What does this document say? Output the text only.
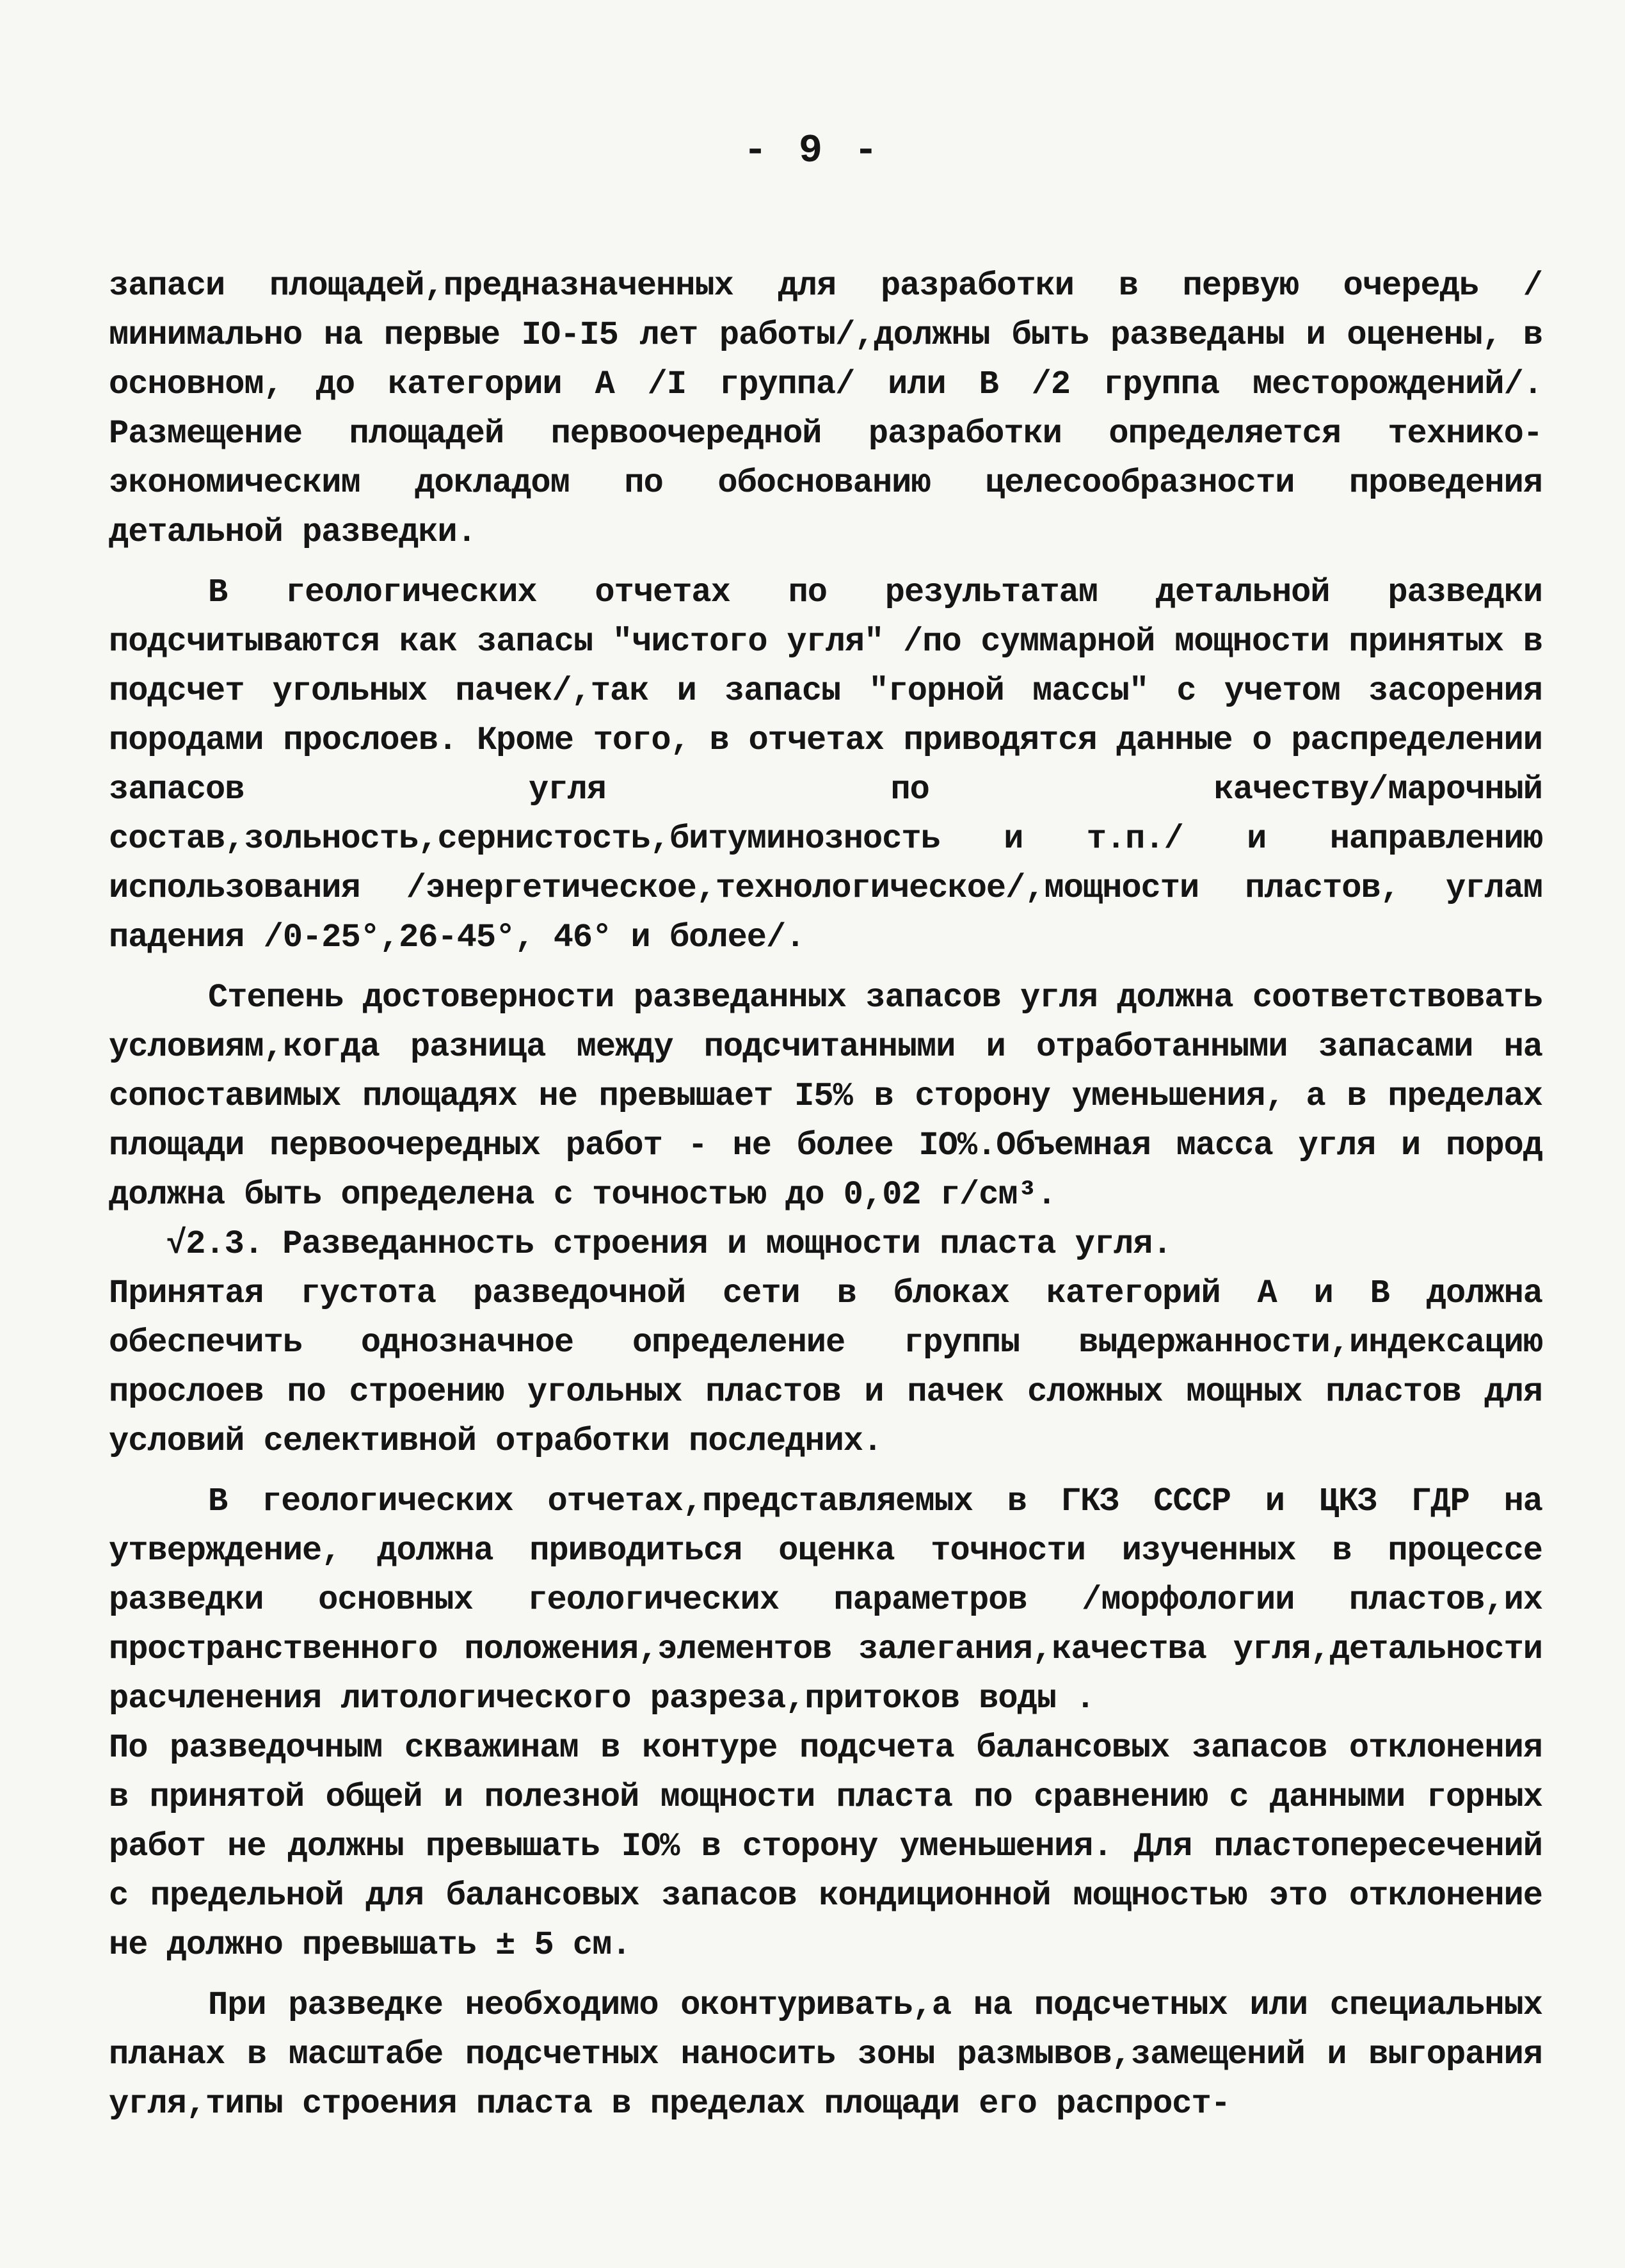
- 9 -

запаси площадей,предназначенных для разработки в первую очередь /минимально на первые IО-I5 лет работы/,должны быть разведаны и оценены, в основном, до категории А /I группа/ или В /2 группа месторождений/. Размещение площадей первоочередной разработки определяется технико-экономическим докладом по обоснованию целесообразности проведения детальной разведки.

В геологических отчетах по результатам детальной разведки подсчитываются как запасы "чистого угля" /по суммарной мощности принятых в подсчет угольных пачек/,так и запасы "горной массы" с учетом засорения породами прослоев. Кроме того, в отчетах приводятся данные о распределении запасов угля по качеству/марочный состав,зольность,сернистость,битуминозность и т.п./ и направлению использования /энергетическое,технологическое/,мощности пластов, углам падения /0-25°,26-45°, 46° и более/.

Степень достоверности разведанных запасов угля должна соответствовать условиям,когда разница между подсчитанными и отработанными запасами на сопоставимых площадях не превышает I5% в сторону уменьшения, а в пределах площади первоочередных работ - не более IО%.Объемная масса угля и пород должна быть определена с точностью до 0,02 г/см³.

√2.3. Разведанность строения и мощности пласта угля.

Принятая густота разведочной сети в блоках категорий А и В должна обеспечить однозначное определение группы выдержанности,индексацию прослоев по строению угольных пластов и пачек сложных мощных пластов для условий селективной отработки последних.

В геологических отчетах,представляемых в ГКЗ СССР и ЦКЗ ГДР на утверждение, должна приводиться оценка точности изученных в процессе разведки основных геологических параметров /морфологии пластов,их пространственного положения,элементов залегания,качества угля,детальности расчленения литологического разреза,притоков воды .

По разведочным скважинам в контуре подсчета балансовых запасов отклонения в принятой общей и полезной мощности пласта по сравнению с данными горных работ не должны превышать IО% в сторону уменьшения. Для пластопересечений с предельной для балансовых запасов кондиционной мощностью это отклонение не должно превышать ± 5 см.

При разведке необходимо оконтуривать,а на подсчетных или специальных планах в масштабе подсчетных наносить зоны размывов,замещений и выгорания угля,типы строения пласта в пределах площади его распрост-
